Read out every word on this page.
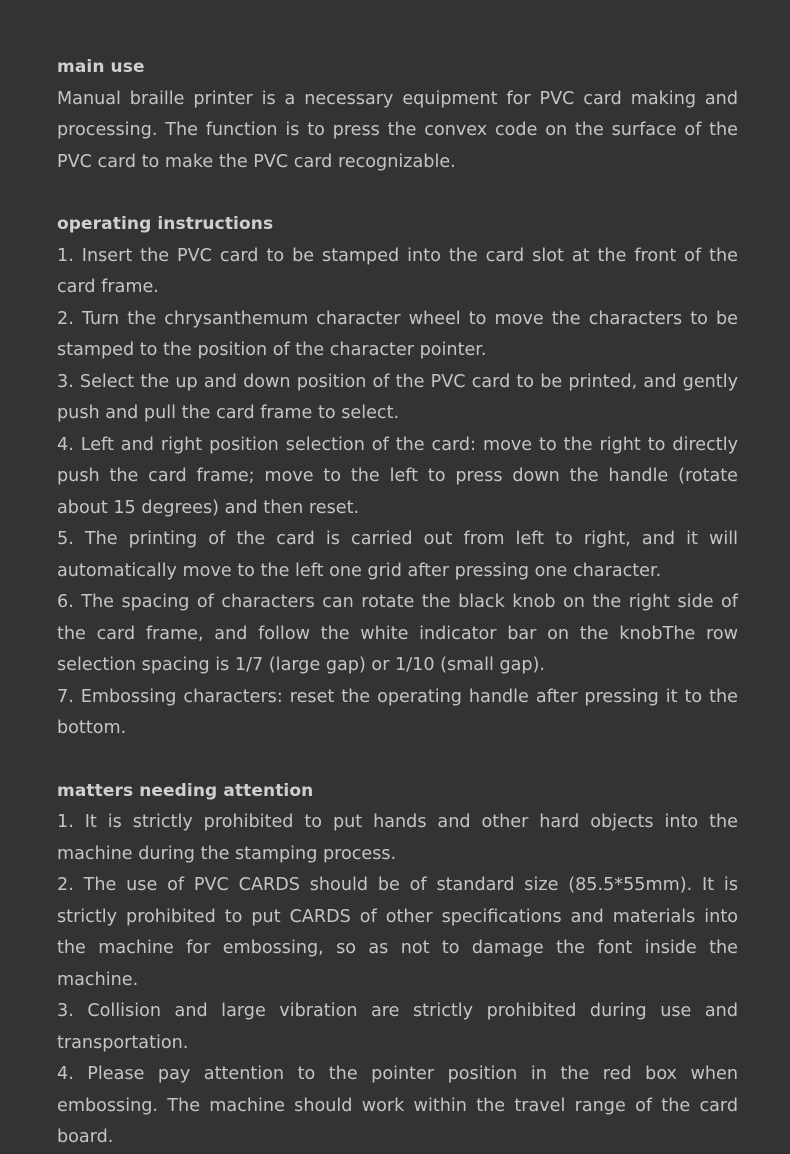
main use

Manual braille printer is a necessary equipment for PVC card making and processing. The function is to press the convex code on the surface of the PVC card to make the PVC card recognizable.

operating instructions

1. Insert the PVC card to be stamped into the card slot at the front of the card frame.

2. Turn the chrysanthemum character wheel to move the characters to be stamped to the position of the character pointer.

3. Select the up and down position of the PVC card to be printed, and gently push and pull the card frame to select.

4. Left and right position selection of the card: move to the right to directly push the card frame; move to the left to press down the handle (rotate about 15 degrees) and then reset.

5. The printing of the card is carried out from left to right, and it will automatically move to the left one grid after pressing one character.

6. The spacing of characters can rotate the black knob on the right side of the card frame, and follow the white indicator bar on the knobThe row selection spacing is 1/7 (large gap) or 1/10 (small gap).

7. Embossing characters: reset the operating handle after pressing it to the bottom.

matters needing attention

1. It is strictly prohibited to put hands and other hard objects into the machine during the stamping process.

2. The use of PVC CARDS should be of standard size (85.5*55mm). It is strictly prohibited to put CARDS of other specifications and materials into the machine for embossing, so as not to damage the font inside the machine.

3. Collision and large vibration are strictly prohibited during use and transportation.

4. Please pay attention to the pointer position in the red box when embossing. The machine should work within the travel range of the card board.
